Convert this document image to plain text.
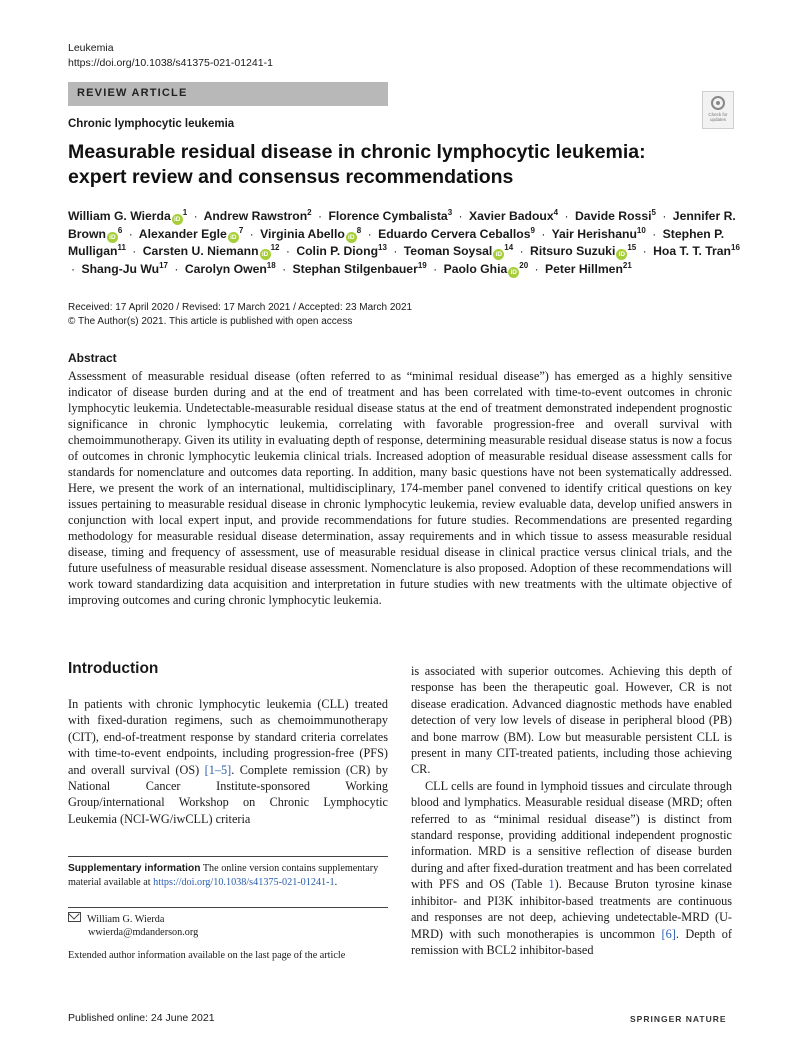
Leukemia
https://doi.org/10.1038/s41375-021-01241-1
REVIEW ARTICLE
Check for updates
Chronic lymphocytic leukemia
Measurable residual disease in chronic lymphocytic leukemia: expert review and consensus recommendations
William G. Wierda $iD^1$ · Andrew Rawstron$^2$ · Florence Cymbalista$^3$ · Xavier Badoux$^4$ · Davide Rossi$^5$ · Jennifer R. Brown $iD^6$ · Alexander Egle $iD^7$ · Virginia Abello $iD^8$ · Eduardo Cervera Ceballos$^9$ · Yair Herishanu$^{10}$ · Stephen P. Mulligan$^{11}$ · Carsten U. Niemann $iD^{12}$ · Colin P. Diong$^{13}$ · Teoman Soysal $iD^{14}$ · Ritsuro Suzuki $iD^{15}$ · Hoa T. T. Tran$^{16}$ · Shang-Ju $Wu^{17}$ · Carolyn Owen$^{18}$ · Stephan Stilgenbauer$^{19}$ · Paolo Ghia $iD^{20}$ · Peter Hillmen$^{21}$
Received: 17 April 2020 / Revised: 17 March 2021 / Accepted: 23 March 2021
© The Author(s) 2021. This article is published with open access
Abstract

Assessment of measurable residual disease (often referred to as “minimal residual disease”) has emerged as a highly sensitive indicator of disease burden during and at the end of treatment and has been correlated with time-to-event outcomes in chronic lymphocytic leukemia. Undetectable-measurable residual disease status at the end of treatment demonstrated independent prognostic significance in chronic lymphocytic leukemia, correlating with favorable progression-free and overall survival with chemoimmunotherapy. Given its utility in evaluating depth of response, determining measurable residual disease status is now a focus of outcomes in chronic lymphocytic leukemia clinical trials. Increased adoption of measurable residual disease assessment calls for standards for nomenclature and outcomes data reporting. In addition, many basic questions have not been systematically addressed. Here, we present the work of an international, multidisciplinary, 174-member panel convened to identify critical questions on key issues pertaining to measurable residual disease in chronic lymphocytic leukemia, review evaluable data, develop unified answers in conjunction with local expert input, and provide recommendations for future studies. Recommendations are presented regarding methodology for measurable residual disease determination, assay requirements and in which tissue to assess measurable residual disease, timing and frequency of assessment, use of measurable residual disease in clinical practice versus clinical trials, and the future usefulness of measurable residual disease assessment. Nomenclature is also proposed. Adoption of these recommendations will work toward standardizing data acquisition and interpretation in future studies with new treatments with the ultimate objective of improving outcomes and curing chronic lymphocytic leukemia.

Introduction

In patients with chronic lymphocytic leukemia (CLL) treated with fixed-duration regimens, such as chemoimmunotherapy (CIT), end-of-treatment response by standard criteria correlates with time-to-event endpoints, including progression-free (PFS) and overall survival (OS) [1–5]. Complete remission (CR) by National Cancer Institute-sponsored Working Group/international Workshop on Chronic Lymphocytic Leukemia (NCI-WG/iwCLL) criteria

is associated with superior outcomes. Achieving this depth of response has been the therapeutic goal. However, CR is not disease eradication. Advanced diagnostic methods have enabled detection of very low levels of disease in peripheral blood (PB) and bone marrow (BM). Low but measurable persistent CLL is present in many CIT-treated patients, including those achieving CR.

CLL cells are found in lymphoid tissues and circulate through blood and lymphatics. Measurable residual disease (MRD; often referred to as “minimal residual disease”) is distinct from standard response, providing additional independent prognostic information. MRD is a sensitive reflection of disease burden during and after fixed-duration treatment and has been correlated with PFS and OS (Table 1). Because Bruton tyrosine kinase inhibitor- and PI3K inhibitor-based treatments are continuous and responses are not deep, achieving undetectable-MRD (U-MRD) with such monotherapies is uncommon [6]. Depth of remission with BCL2 inhibitor-based

Supplementary information The online version contains supplementary material available at https://doi.org/10.1038/s41375-021-01241-1.

William G. Wierda
wwierda@mdanderson.org
Extended author information available on the last page of the article
Published online: 24 June 2021	SPRINGER NATURE
